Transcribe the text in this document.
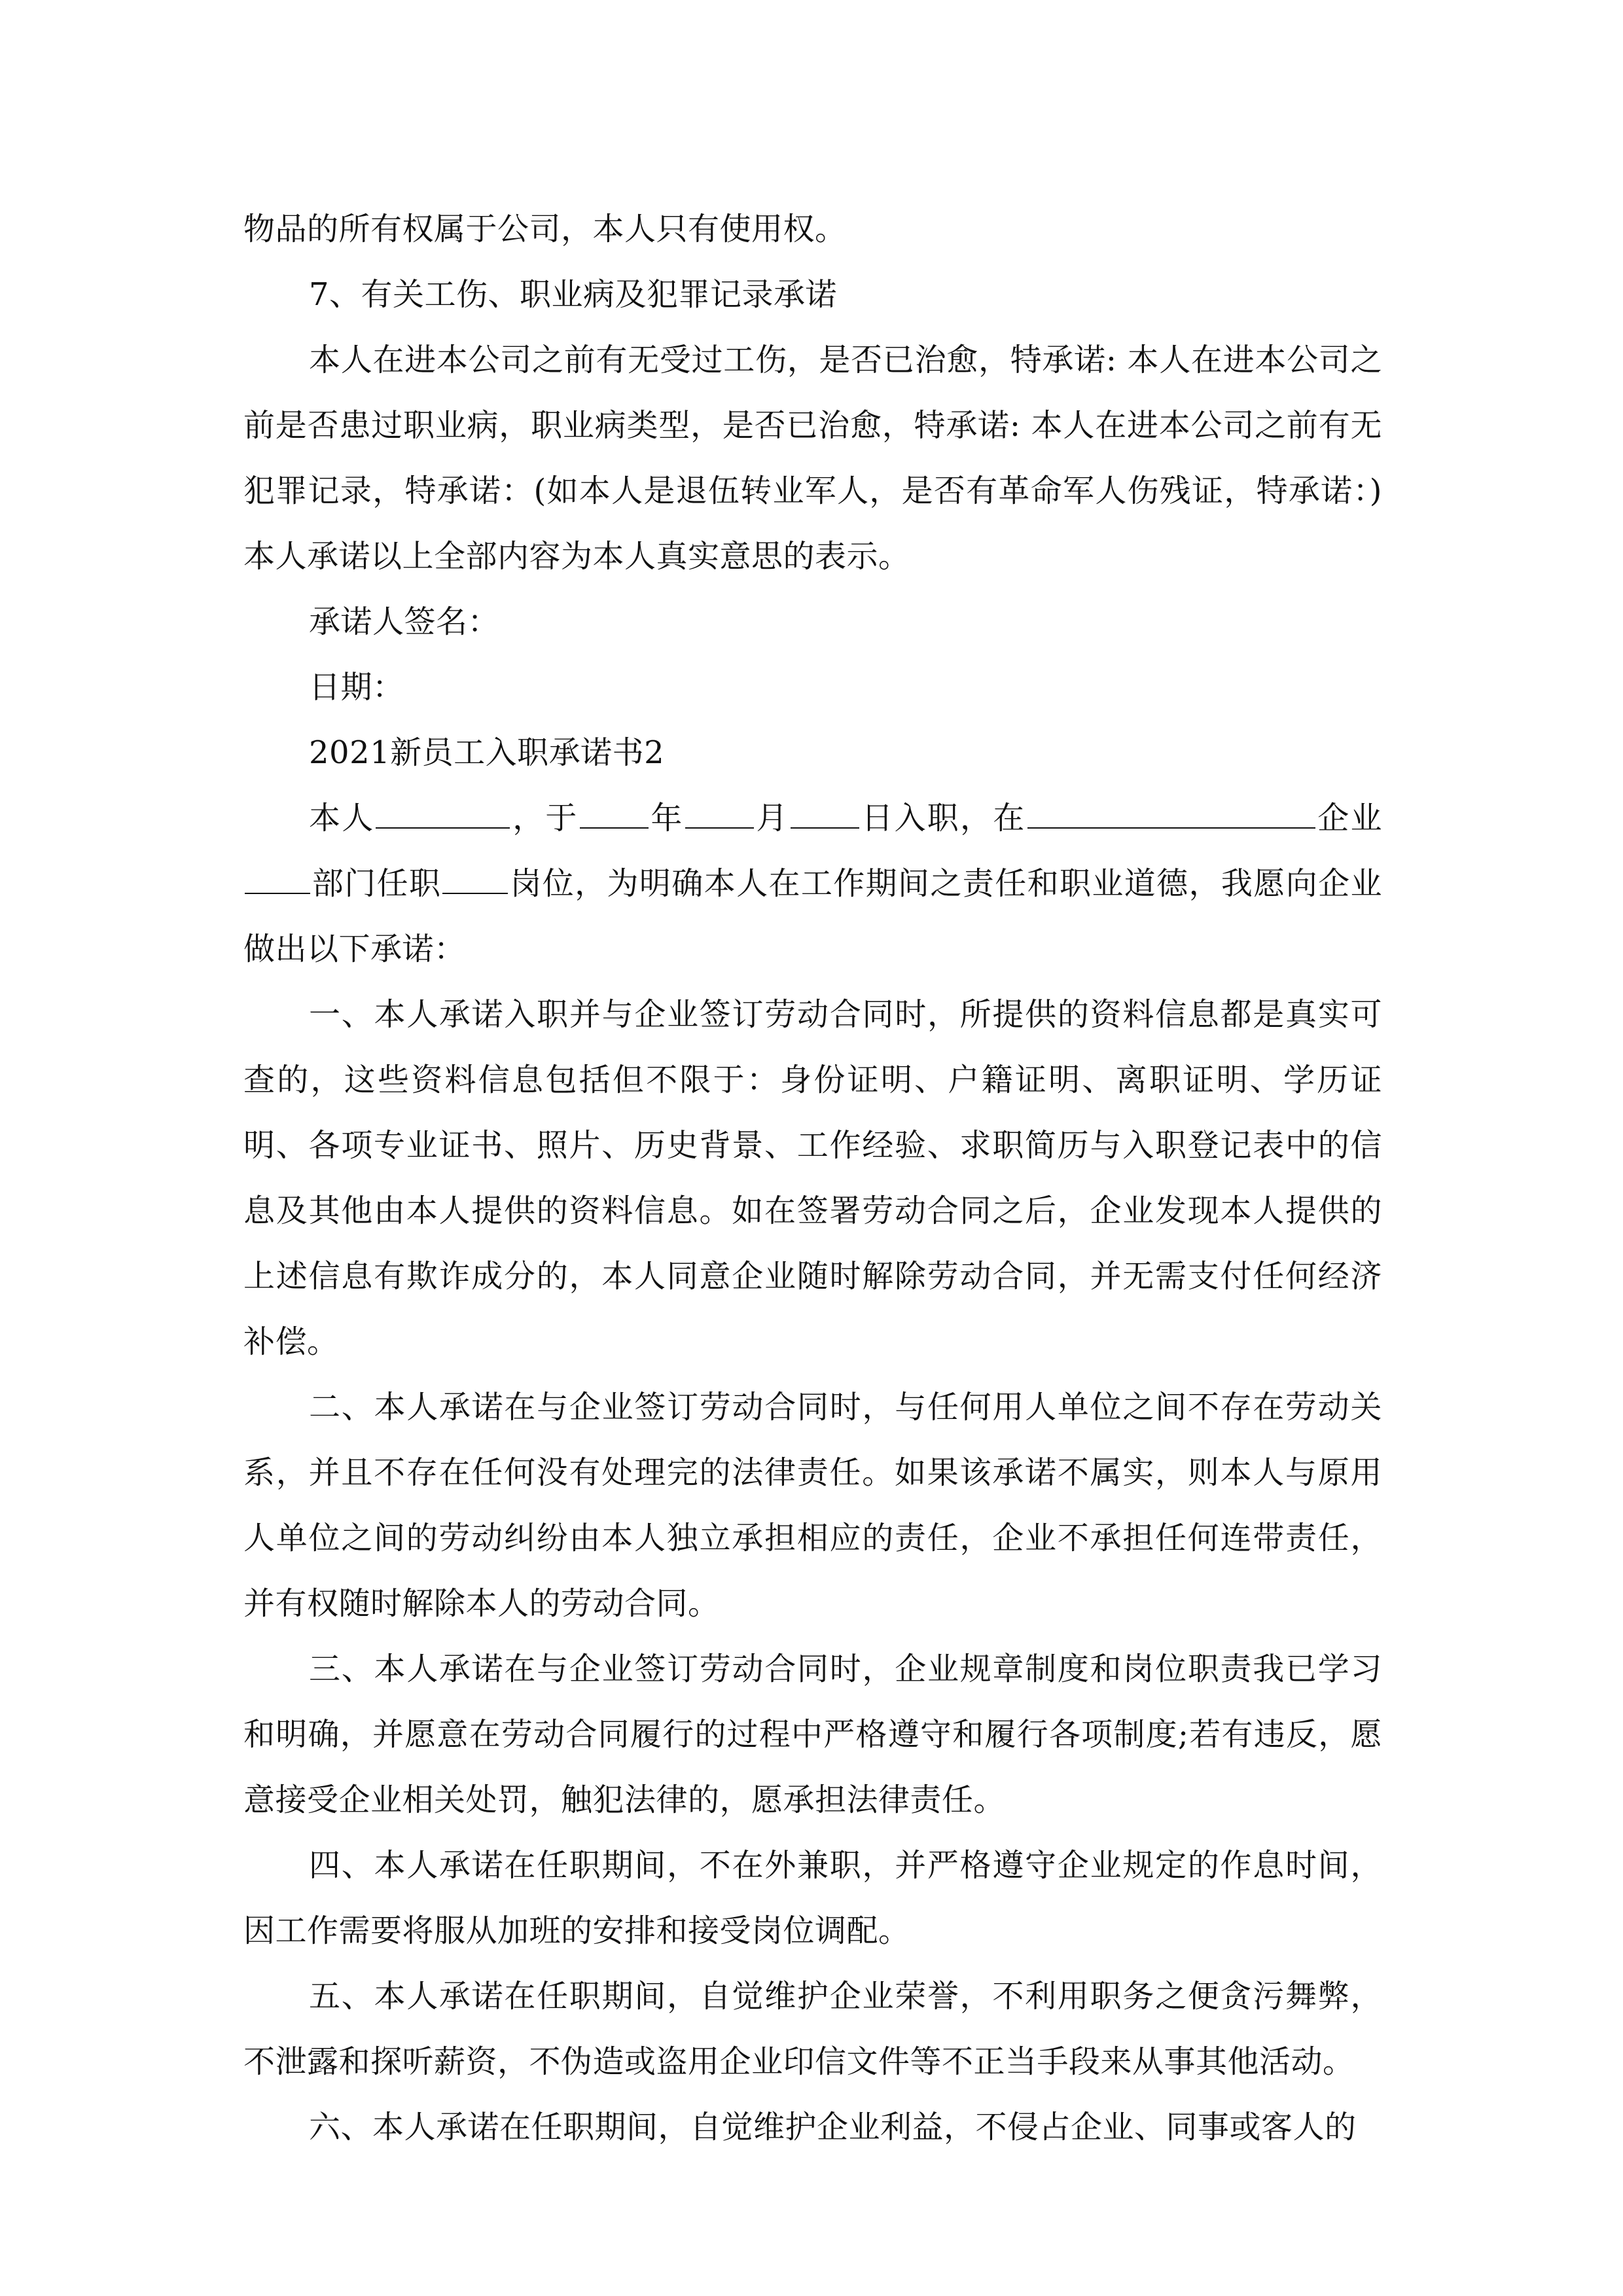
物品的所有权属于公司，本人只有使用权。

7、有关工伤、职业病及犯罪记录承诺

本人在进本公司之前有无受过工伤，是否已治愈，特承诺: 本人在进本公司之前是否患过职业病，职业病类型，是否已治愈，特承诺: 本人在进本公司之前有无犯罪记录，特承诺：(如本人是退伍转业军人，是否有革命军人伤残证，特承诺：)本人承诺以上全部内容为本人真实意思的表示。

承诺人签名：

日期：

2021新员工入职承诺书2

本人	，于 年 月 日入职，在	企业部门任职 岗位，为明确本人在工作期间之责任和职业道德，我愿向企业做出以下承诺：

一、本人承诺入职并与企业签订劳动合同时，所提供的资料信息都是真实可查的，这些资料信息包括但不限于：身份证明、户籍证明、离职证明、学历证明、各项专业证书、照片、历史背景、工作经验、求职简历与入职登记表中的信息及其他由本人提供的资料信息。如在签署劳动合同之后，企业发现本人提供的上述信息有欺诈成分的，本人同意企业随时解除劳动合同，并无需支付任何经济补偿。

二、本人承诺在与企业签订劳动合同时，与任何用人单位之间不存在劳动关系，并且不存在任何没有处理完的法律责任。如果该承诺不属实，则本人与原用人单位之间的劳动纠纷由本人独立承担相应的责任，企业不承担任何连带责任，并有权随时解除本人的劳动合同。

三、本人承诺在与企业签订劳动合同时，企业规章制度和岗位职责我已学习和明确，并愿意在劳动合同履行的过程中严格遵守和履行各项制度;若有违反，愿意接受企业相关处罚，触犯法律的，愿承担法律责任。

四、本人承诺在任职期间，不在外兼职，并严格遵守企业规定的作息时间，因工作需要将服从加班的安排和接受岗位调配。

五、本人承诺在任职期间，自觉维护企业荣誉，不利用职务之便贪污舞弊，不泄露和探听薪资，不伪造或盗用企业印信文件等不正当手段来从事其他活动。

六、本人承诺在任职期间，自觉维护企业利益，不侵占企业、同事或客人的
